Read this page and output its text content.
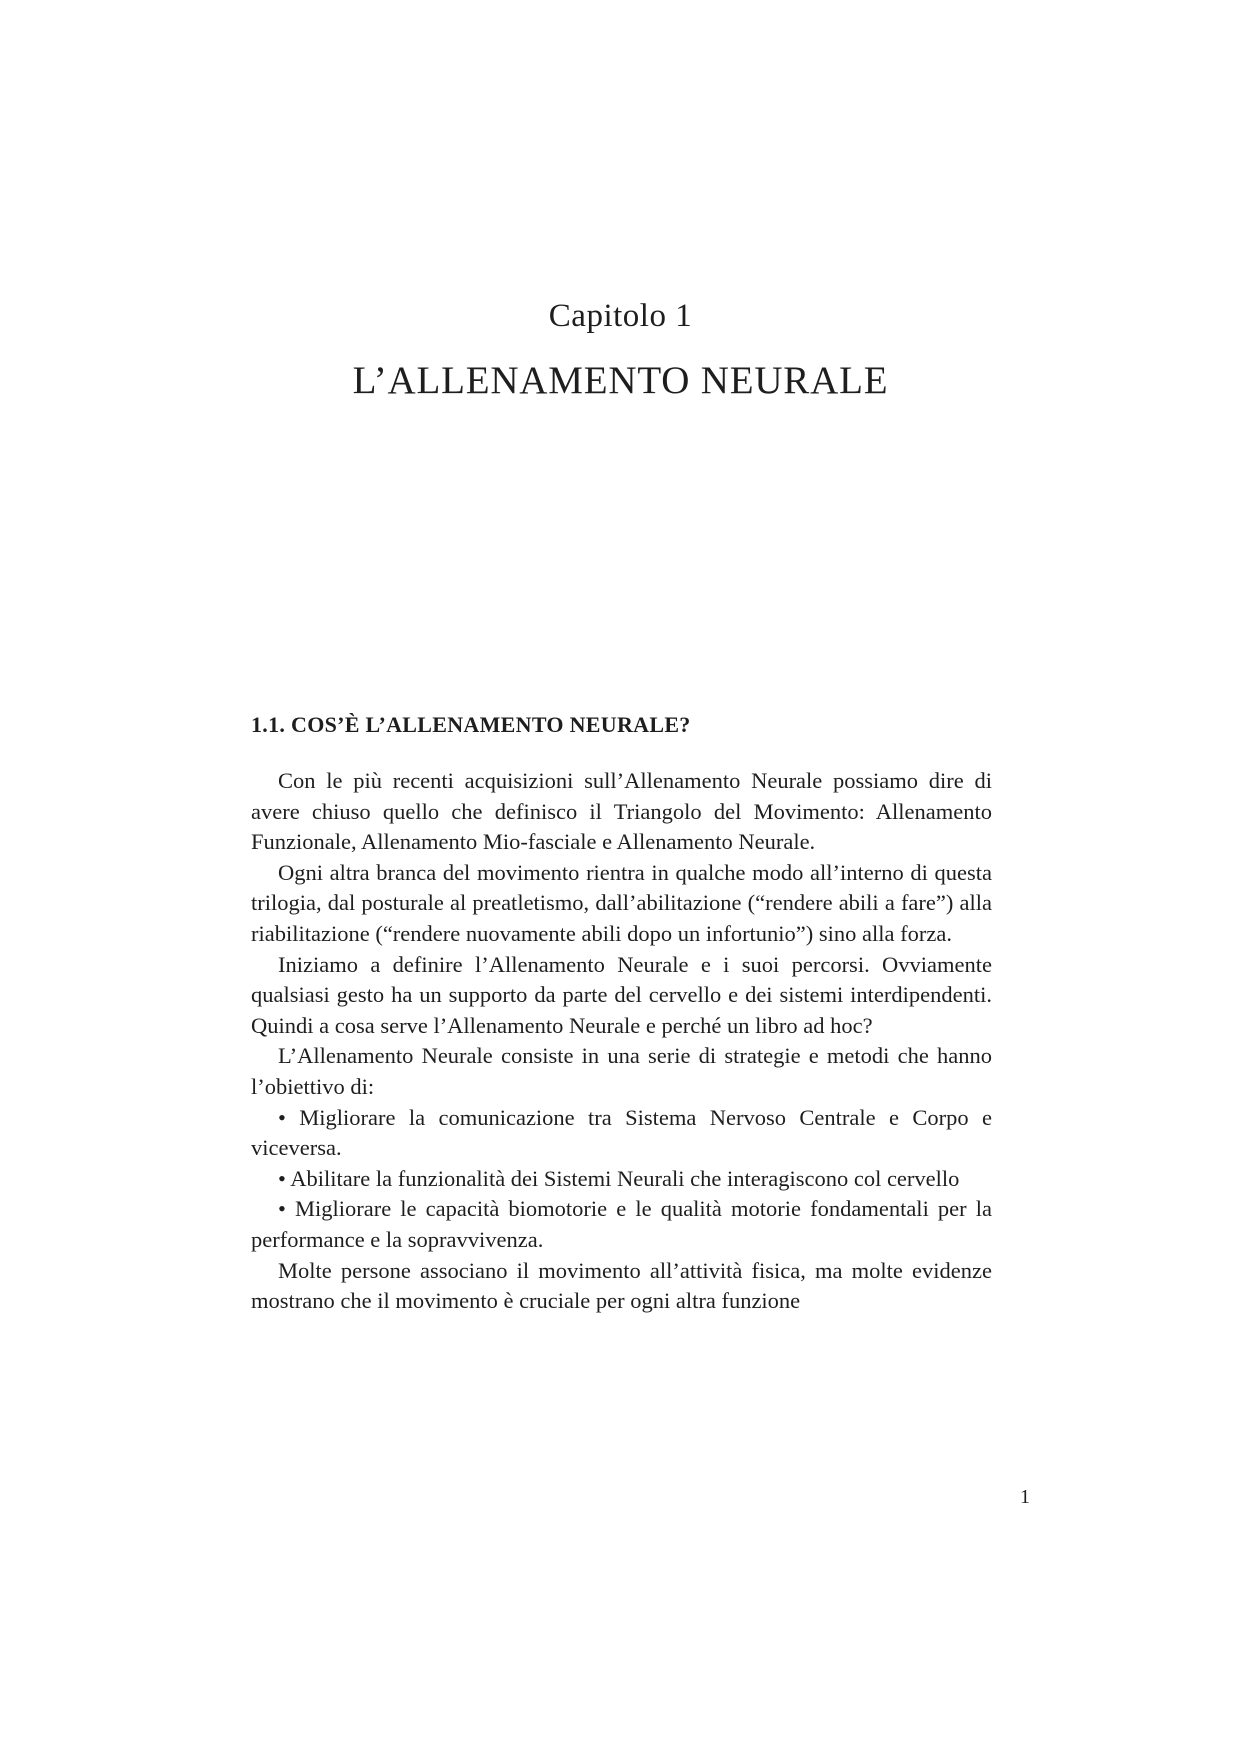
Capitolo 1
L’ALLENAMENTO NEURALE
1.1. COS’È L’ALLENAMENTO NEURALE?

Con le più recenti acquisizioni sull’Allenamento Neurale possiamo dire di avere chiuso quello che definisco il Triangolo del Movimento: Allenamento Funzionale, Allenamento Mio-fasciale e Allenamento Neurale.

Ogni altra branca del movimento rientra in qualche modo all’interno di questa trilogia, dal posturale al preatletismo, dall’abilitazione (“rendere abili a fare”) alla riabilitazione (“rendere nuovamente abili dopo un infortunio”) sino alla forza.

Iniziamo a definire l’Allenamento Neurale e i suoi percorsi. Ovviamente qualsiasi gesto ha un supporto da parte del cervello e dei sistemi interdipendenti. Quindi a cosa serve l’Allenamento Neurale e perché un libro ad hoc?

L’Allenamento Neurale consiste in una serie di strategie e metodi che hanno l’obiettivo di:

• Migliorare la comunicazione tra Sistema Nervoso Centrale e Corpo e viceversa.

• Abilitare la funzionalità dei Sistemi Neurali che interagiscono col cervello

• Migliorare le capacità biomotorie e le qualità motorie fondamentali per la performance e la sopravvivenza.

Molte persone associano il movimento all’attività fisica, ma molte evidenze mostrano che il movimento è cruciale per ogni altra funzione

1
